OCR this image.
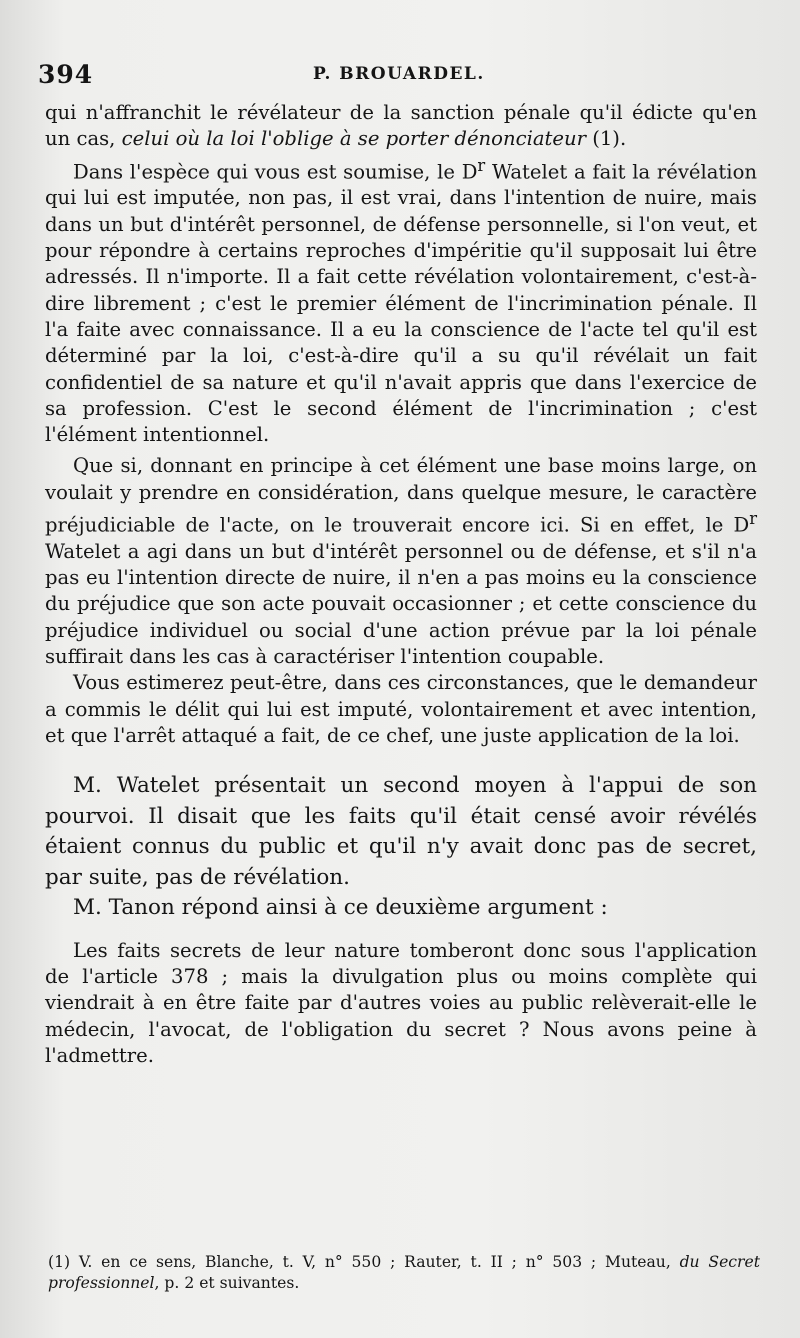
394	P. BROUARDEL.

qui n'affranchit le révélateur de la sanction pénale qu'il édicte qu'en un cas, celui où la loi l'oblige à se porter dénonciateur (1).

Dans l'espèce qui vous est soumise, le $D^r$ Watelet a fait la révélation qui lui est imputée, non pas, il est vrai, dans l'intention de nuire, mais dans un but d'intérêt personnel, de défense personnelle, si l'on veut, et pour répondre à certains reproches d'impéritie qu'il supposait lui être adressés. Il n'importe. Il a fait cette révélation volontairement, c'est-à-dire librement ; c'est le premier élément de l'incrimination pénale. Il l'a faite avec connaissance. Il a eu la conscience de l'acte tel qu'il est déterminé par la loi, c'est-à-dire qu'il a su qu'il révélait un fait confidentiel de sa nature et qu'il n'avait appris que dans l'exercice de sa profession. C'est le second élément de l'incrimination ; c'est l'élément intentionnel.

Que si, donnant en principe à cet élément une base moins large, on voulait y prendre en considération, dans quelque mesure, le caractère préjudiciable de l'acte, on le trouverait encore ici. Si en effet, le $D^r$ Watelet a agi dans un but d'intérêt personnel ou de défense, et s'il n'a pas eu l'intention directe de nuire, il n'en a pas moins eu la conscience du préjudice que son acte pouvait occasionner ; et cette conscience du préjudice individuel ou social d'une action prévue par la loi pénale suffirait dans les cas à caractériser l'intention coupable.

Vous estimerez peut-être, dans ces circonstances, que le demandeur a commis le délit qui lui est imputé, volontairement et avec intention, et que l'arrêt attaqué a fait, de ce chef, une juste application de la loi.

M. Watelet présentait un second moyen à l'appui de son pourvoi. Il disait que les faits qu'il était censé avoir révélés étaient connus du public et qu'il n'y avait donc pas de secret, par suite, pas de révélation.

M. Tanon répond ainsi à ce deuxième argument :

Les faits secrets de leur nature tomberont donc sous l'application de l'article 378 ; mais la divulgation plus ou moins complète qui viendrait à en être faite par d'autres voies au public relèverait-elle le médecin, l'avocat, de l'obligation du secret ? Nous avons peine à l'admettre.

(1) V. en ce sens, Blanche, t. V, n° 550 ; Rauter, t. II ; n° 503 ; Muteau, du Secret professionnel, p. 2 et suivantes.
